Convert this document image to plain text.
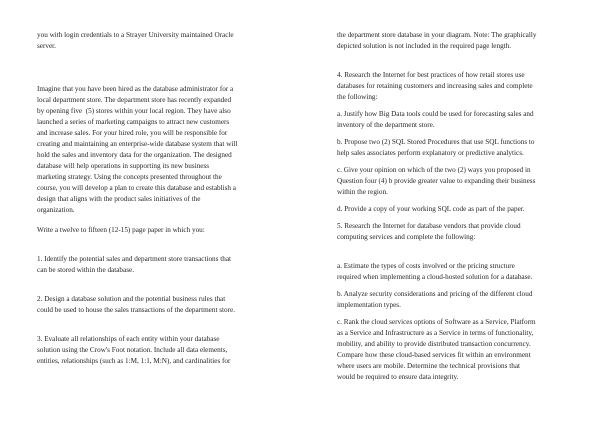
you with login credentials to a Strayer University maintained Oracle
server.

Imagine that you have been hired as the database administrator for a
local department store. The department store has recently expanded
by opening five  (5) stores within your local region. They have also
launched a series of marketing campaigns to attract new customers
and increase sales. For your hired role, you will be responsible for
creating and maintaining an enterprise-wide database system that will
hold the sales and inventory data for the organization. The designed
database will help operations in supporting its new business
marketing strategy. Using the concepts presented throughout the
course, you will develop a plan to create this database and establish a
design that aligns with the product sales initiatives of the
organization.

Write a twelve to fifteen (12-15) page paper in which you:

1. Identify the potential sales and department store transactions that
can be stored within the database.

2. Design a database solution and the potential business rules that
could be used to house the sales transactions of the department store.

3. Evaluate all relationships of each entity within your database
solution using the Crow's Foot notation. Include all data elements,
entities, relationships (such as 1:M, 1:1, M:N), and cardinalities for

the department store database in your diagram. Note: The graphically
depicted solution is not included in the required page length.

4. Research the Internet for best practices of how retail stores use
databases for retaining customers and increasing sales and complete
the following:

a. Justify how Big Data tools could be used for forecasting sales and
inventory of the department store.

b. Propose two (2) SQL Stored Procedures that use SQL functions to
help sales associates perform explanatory or predictive analytics.

c. Give your opinion on which of the two (2) ways you proposed in
Question four (4) b provide greater value to expanding their business
within the region.

d. Provide a copy of your working SQL code as part of the paper.

5. Research the Internet for database vendors that provide cloud
computing services and complete the following:

a. Estimate the types of costs involved or the pricing structure
required when implementing a cloud-hosted solution for a database.

b. Analyze security considerations and pricing of the different cloud
implementation types.

c. Rank the cloud services options of Software as a Service, Platform
as a Service and Infrastructure as a Service in terms of functionality,
mobility, and ability to provide distributed transaction concurrency.
Compare how these cloud-based services fit within an environment
where users are mobile. Determine the technical provisions that
would be required to ensure data integrity.
